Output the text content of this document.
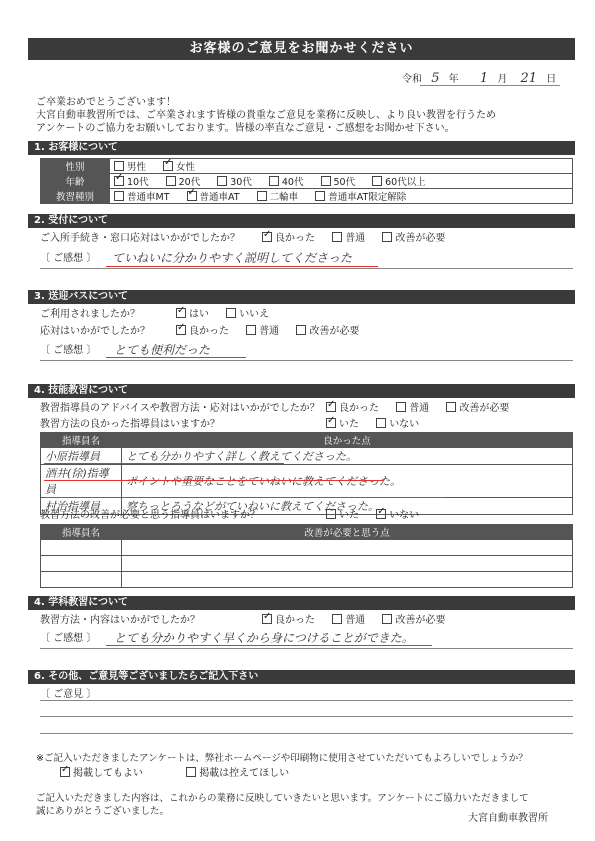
お客様のご意見をお聞かせください
令和 5 年 1 月 21 日
ご卒業おめでとうございます！
大宮自動車教習所では、ご卒業されます皆様の貴重なご意見を業務に反映し、より良い教習を行うため
アンケートのご協力をお願いしております。皆様の率直なご意見・ご感想をお聞かせ下さい。
1. お客様について
性別	男性 ✓ 女性
年齢	✓10代 20代 30代 40代 50代 60代以上
教習種別	普通車MT ✓ 普通車AT 二輪車 普通車AT限定解除
2. 受付について
ご入所手続き・窓口応対はいかがでしたか？ ✓	良かった	普通	改善が必要
〔 ご感想 〕 ていねいに分かりやすく説明してくださった
3. 送迎バスについて
ご利用されましたか？ ✓	はい	いいえ
応対はいかがでしたか？ ✓	良かった	普通	改善が必要
〔 ご感想 〕 とても便利だった
4. 技能教習について
教習指導員のアドバイスや教習方法・応対はいかがでしたか？ ✓	良かった	普通	改善が必要
教習方法の良かった指導員はいますか？ ✓	いた	いない
指導員名	良かった点
小原指導員	とても分かりやすく詳しく教えてくださった。
酒井(徐)指導員	ポイントや重要なことをていねいに教えてくださった。
村治指導員	察ちっとろうなどがていねいに教えてくださった。
教習方法の改善が必要と思う指導員はいますか？	いた ✓	いない
指導員名	改善が必要と思う点

4. 学科教習について
教習方法・内容はいかがでしたか？ ✓	良かった	普通	改善が必要
〔 ご感想 〕 とても分かりやすく早くから身につけることができた。
6. その他、ご意見等ございましたらご記入下さい
〔 ご意見 〕
※ご記入いただきましたアンケートは、弊社ホームページや印刷物に使用させていただいてもよろしいでしょうか？
✓掲載してもよい	掲載は控えてほしい
ご記入いただきました内容は、これからの業務に反映していきたいと思います。アンケートにご協力いただきまして
誠にありがとうございました。
大宮自動車教習所
